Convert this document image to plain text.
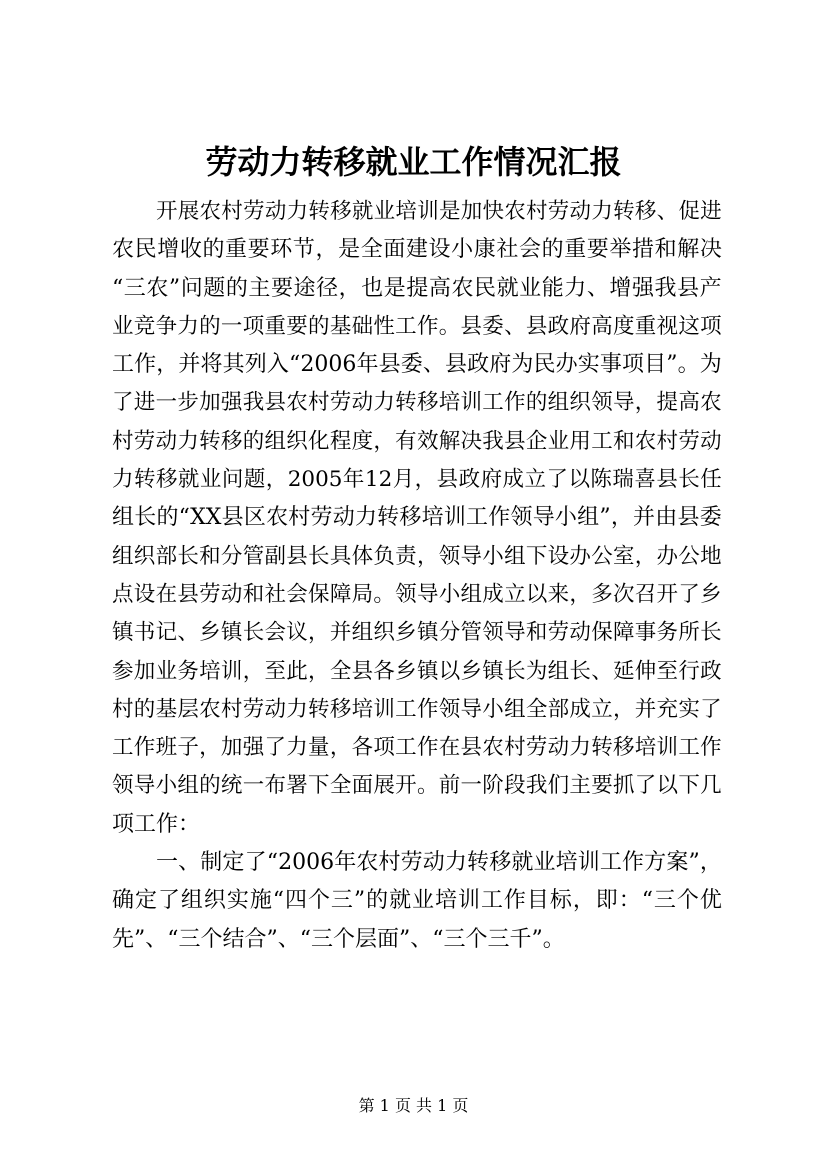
劳动力转移就业工作情况汇报
开 展 农 村 劳 动 力 转 移 就 业 培 训 是 加 快 农 村 劳 动 力 转 移 、 促 进
农 民 增 收 的 重 要 环 节 ， 是 全 面 建 设 小 康 社 会 的 重 要 举 措 和 解 决
“ 三 农 ” 问 题 的 主 要 途 径 ， 也 是 提 高 农 民 就 业 能 力 、 增 强 我 县 产
业 竞 争 力 的 一 项 重 要 的 基 础 性 工 作 。 县 委 、 县 政 府 高 度 重 视 这 项
工 作 ， 并 将 其 列 入 “ 2006 年 县 委 、 县 政 府 为 民 办 实 事 项 目 ” 。 为
了 进 一 步 加 强 我 县 农 村 劳 动 力 转 移 培 训 工 作 的 组 织 领 导 ， 提 高 农
村 劳 动 力 转 移 的 组 织 化 程 度 ， 有 效 解 决 我 县 企 业 用 工 和 农 村 劳 动
力 转 移 就 业 问 题 ， 2005 年 12 月 ， 县 政 府 成 立 了 以 陈 瑞 喜 县 长 任
组 长 的 “ XX 县 区 农 村 劳 动 力 转 移 培 训 工 作 领 导 小 组 ” ， 并 由 县 委
组 织 部 长 和 分 管 副 县 长 具 体 负 责 ， 领 导 小 组 下 设 办 公 室 ， 办 公 地
点 设 在 县 劳 动 和 社 会 保 障 局 。 领 导 小 组 成 立 以 来 ， 多 次 召 开 了 乡
镇 书 记 、 乡 镇 长 会 议 ， 并 组 织 乡 镇 分 管 领 导 和 劳 动 保 障 事 务 所 长
参 加 业 务 培 训 ， 至 此 ， 全 县 各 乡 镇 以 乡 镇 长 为 组 长 、 延 伸 至 行 政
村 的 基 层 农 村 劳 动 力 转 移 培 训 工 作 领 导 小 组 全 部 成 立 ， 并 充 实 了
工 作 班 子 ， 加 强 了 力 量 ， 各 项 工 作 在 县 农 村 劳 动 力 转 移 培 训 工 作
领 导 小 组 的 统 一 布 署 下 全 面 展 开 。 前 一 阶 段 我 们 主 要 抓 了 以 下 几
项工作：
一 、 制 定 了 “ 2006 年 农 村 劳 动 力 转 移 就 业 培 训 工 作 方 案 ” ，
确 定 了 组 织 实 施 “ 四 个 三 ” 的 就 业 培 训 工 作 目 标 ， 即 ： “ 三 个 优
先”、“三个结合”、“三个层面”、“三个三千”。
第 1 页 共 1 页
